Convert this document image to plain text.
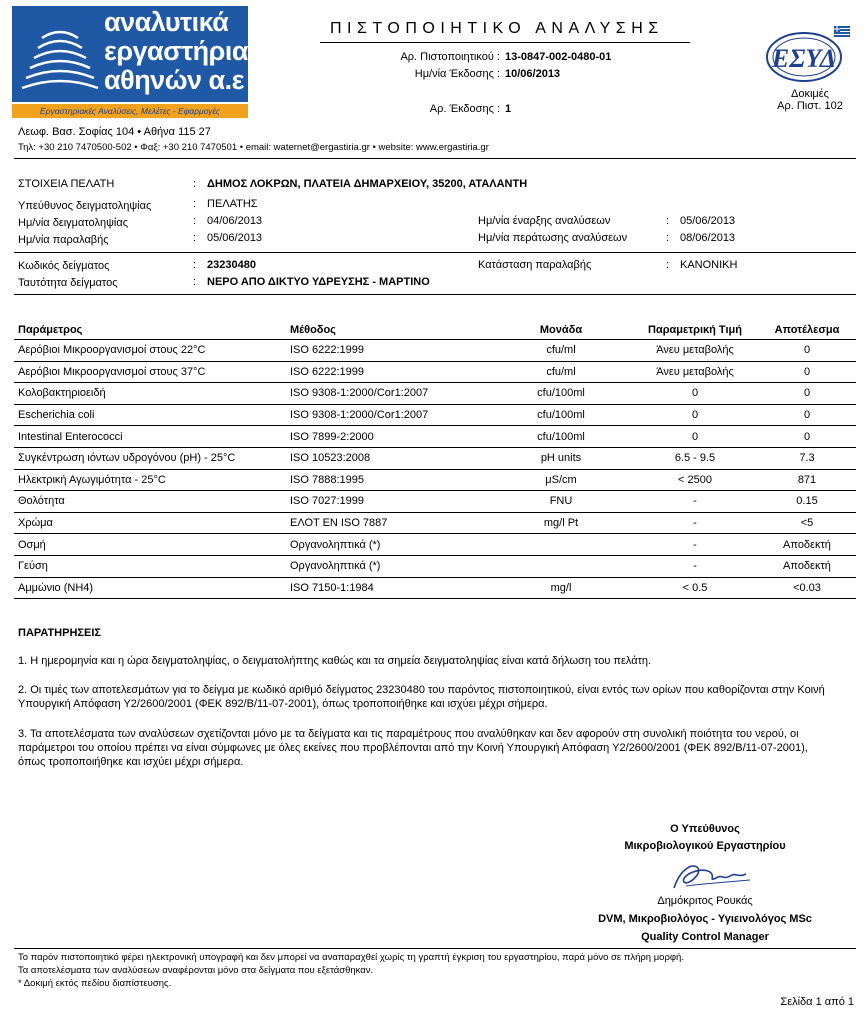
αναλυτικά
εργαστήρια
αθηνών α.ε
Εργαστηριακές Αναλύσεις, Μελέτες - Εφαρμογές
Λεωφ. Βασ. Σοφίας 104 • Αθήνα 115 27
Τηλ: +30 210 7470500-502 • Φαξ: +30 210 7470501 • email: waternet@ergastiria.gr • website: www.ergastiria.gr
ΠΙΣΤΟΠΟΙΗΤΙΚΟ ΑΝΑΛΥΣΗΣ
Αρ. Πιστοποιητικού : 13-0847-002-0480-01
Ημ/νία Έκδοσης : 10/06/2013
Αρ. Έκδοσης : 1
ΕΣΥΔ
Δοκιμές
Αρ. Πιστ. 102
ΣΤΟΙΧΕΙΑ ΠΕΛΑΤΗ	: ΔΗΜΟΣ ΛΟΚΡΩΝ, ΠΛΑΤΕΙΑ ΔΗΜΑΡΧΕΙΟΥ, 35200, ΑΤΑΛΑΝΤΗ
Υπεύθυνος δειγματοληψίας	: ΠΕΛΑΤΗΣ
Ημ/νία δειγματοληψίας	: 04/06/2013
Ημ/νία παραλαβής	: 05/06/2013
Ημ/νία έναρξης αναλύσεων	: 05/06/2013
Ημ/νία περάτωσης αναλύσεων	: 08/06/2013
Κωδικός δείγματος	: 23230480	Κατάσταση παραλαβής	: ΚΑΝΟΝΙΚΗ
Ταυτότητα δείγματος	: ΝΕΡΟ ΑΠΟ ΔΙΚΤΥΟ ΥΔΡΕΥΣΗΣ - ΜΑΡΤΙΝΟ
Παράμετρος	Μέθοδος	Μονάδα	Παραμετρική Τιμή	Αποτέλεσμα
Αερόβιοι Μικροοργανισμοί στους 22°C	ISO 6222:1999	cfu/ml	Άνευ μεταβολής	0
Αερόβιοι Μικροοργανισμοί στους 37°C	ISO 6222:1999	cfu/ml	Άνευ μεταβολής	0
Κολοβακτηριοειδή	ISO 9308-1:2000/Cor1:2007	cfu/100ml	0	0
Escherichia coli	ISO 9308-1:2000/Cor1:2007	cfu/100ml	0	0
Intestinal Enterococci	ISO 7899-2:2000	cfu/100ml	0	0
Συγκέντρωση ιόντων υδρογόνου (pH) - 25°C	ISO 10523:2008	pH units	6.5 - 9.5	7.3
Ηλεκτρική Αγωγιμότητα - 25°C	ISO 7888:1995	μS/cm	< 2500	871
Θολότητα	ISO 7027:1999	FNU	-	0.15
Χρώμα	ΕΛΟΤ ΕΝ ISO 7887	mg/l Pt	-	<5
Οσμή	Οργανοληπτικά (*)		-	Αποδεκτή
Γεύση	Οργανοληπτικά (*)		-	Αποδεκτή
Αμμώνιο (NH4)	ISO 7150-1:1984	mg/l	< 0.5	<0.03
ΠΑΡΑΤΗΡΗΣΕΙΣ
1. Η ημερομηνία και η ώρα δειγματοληψίας, ο δειγματολήπτης καθώς και τα σημεία δειγματοληψίας είναι κατά δήλωση του πελάτη.
2. Οι τιμές των αποτελεσμάτων για το δείγμα με κωδικό αριθμό δείγματος 23230480 του παρόντος πιστοποιητικού, είναι εντός των ορίων που καθορίζονται στην Κοινή Υπουργική Απόφαση Υ2/2600/2001 (ΦΕΚ 892/Β/11-07-2001), όπως τροποποιήθηκε και ισχύει μέχρι σήμερα.
3. Τα αποτελέσματα των αναλύσεων σχετίζονται μόνο με τα δείγματα και τις παραμέτρους που αναλύθηκαν και δεν αφορούν στη συνολική ποιότητα του νερού, οι παράμετροι του οποίου πρέπει να είναι σύμφωνες με όλες εκείνες που προβλέπονται από την Κοινή Υπουργική Απόφαση Υ2/2600/2001 (ΦΕΚ 892/Β/11-07-2001), όπως τροποποιήθηκε και ισχύει μέχρι σήμερα.
Ο Υπεύθυνος
Μικροβιολογικού Εργαστηρίου
Δημόκριτος Ρουκάς
DVM, Μικροβιολόγος - Υγιεινολόγος MSc
Quality Control Manager
Το παρόν πιστοποιητικό φέρει ηλεκτρονική υπογραφή και δεν μπορεί να αναπαραχθεί χωρίς τη γραπτή έγκριση του εργαστηρίου, παρά μόνο σε πλήρη μορφή.
Τα αποτελέσματα των αναλύσεων αναφέρονται μόνο στα δείγματα που εξετάσθηκαν.
* Δοκιμή εκτός πεδίου διαπίστευσης.
Σελίδα 1 από 1
